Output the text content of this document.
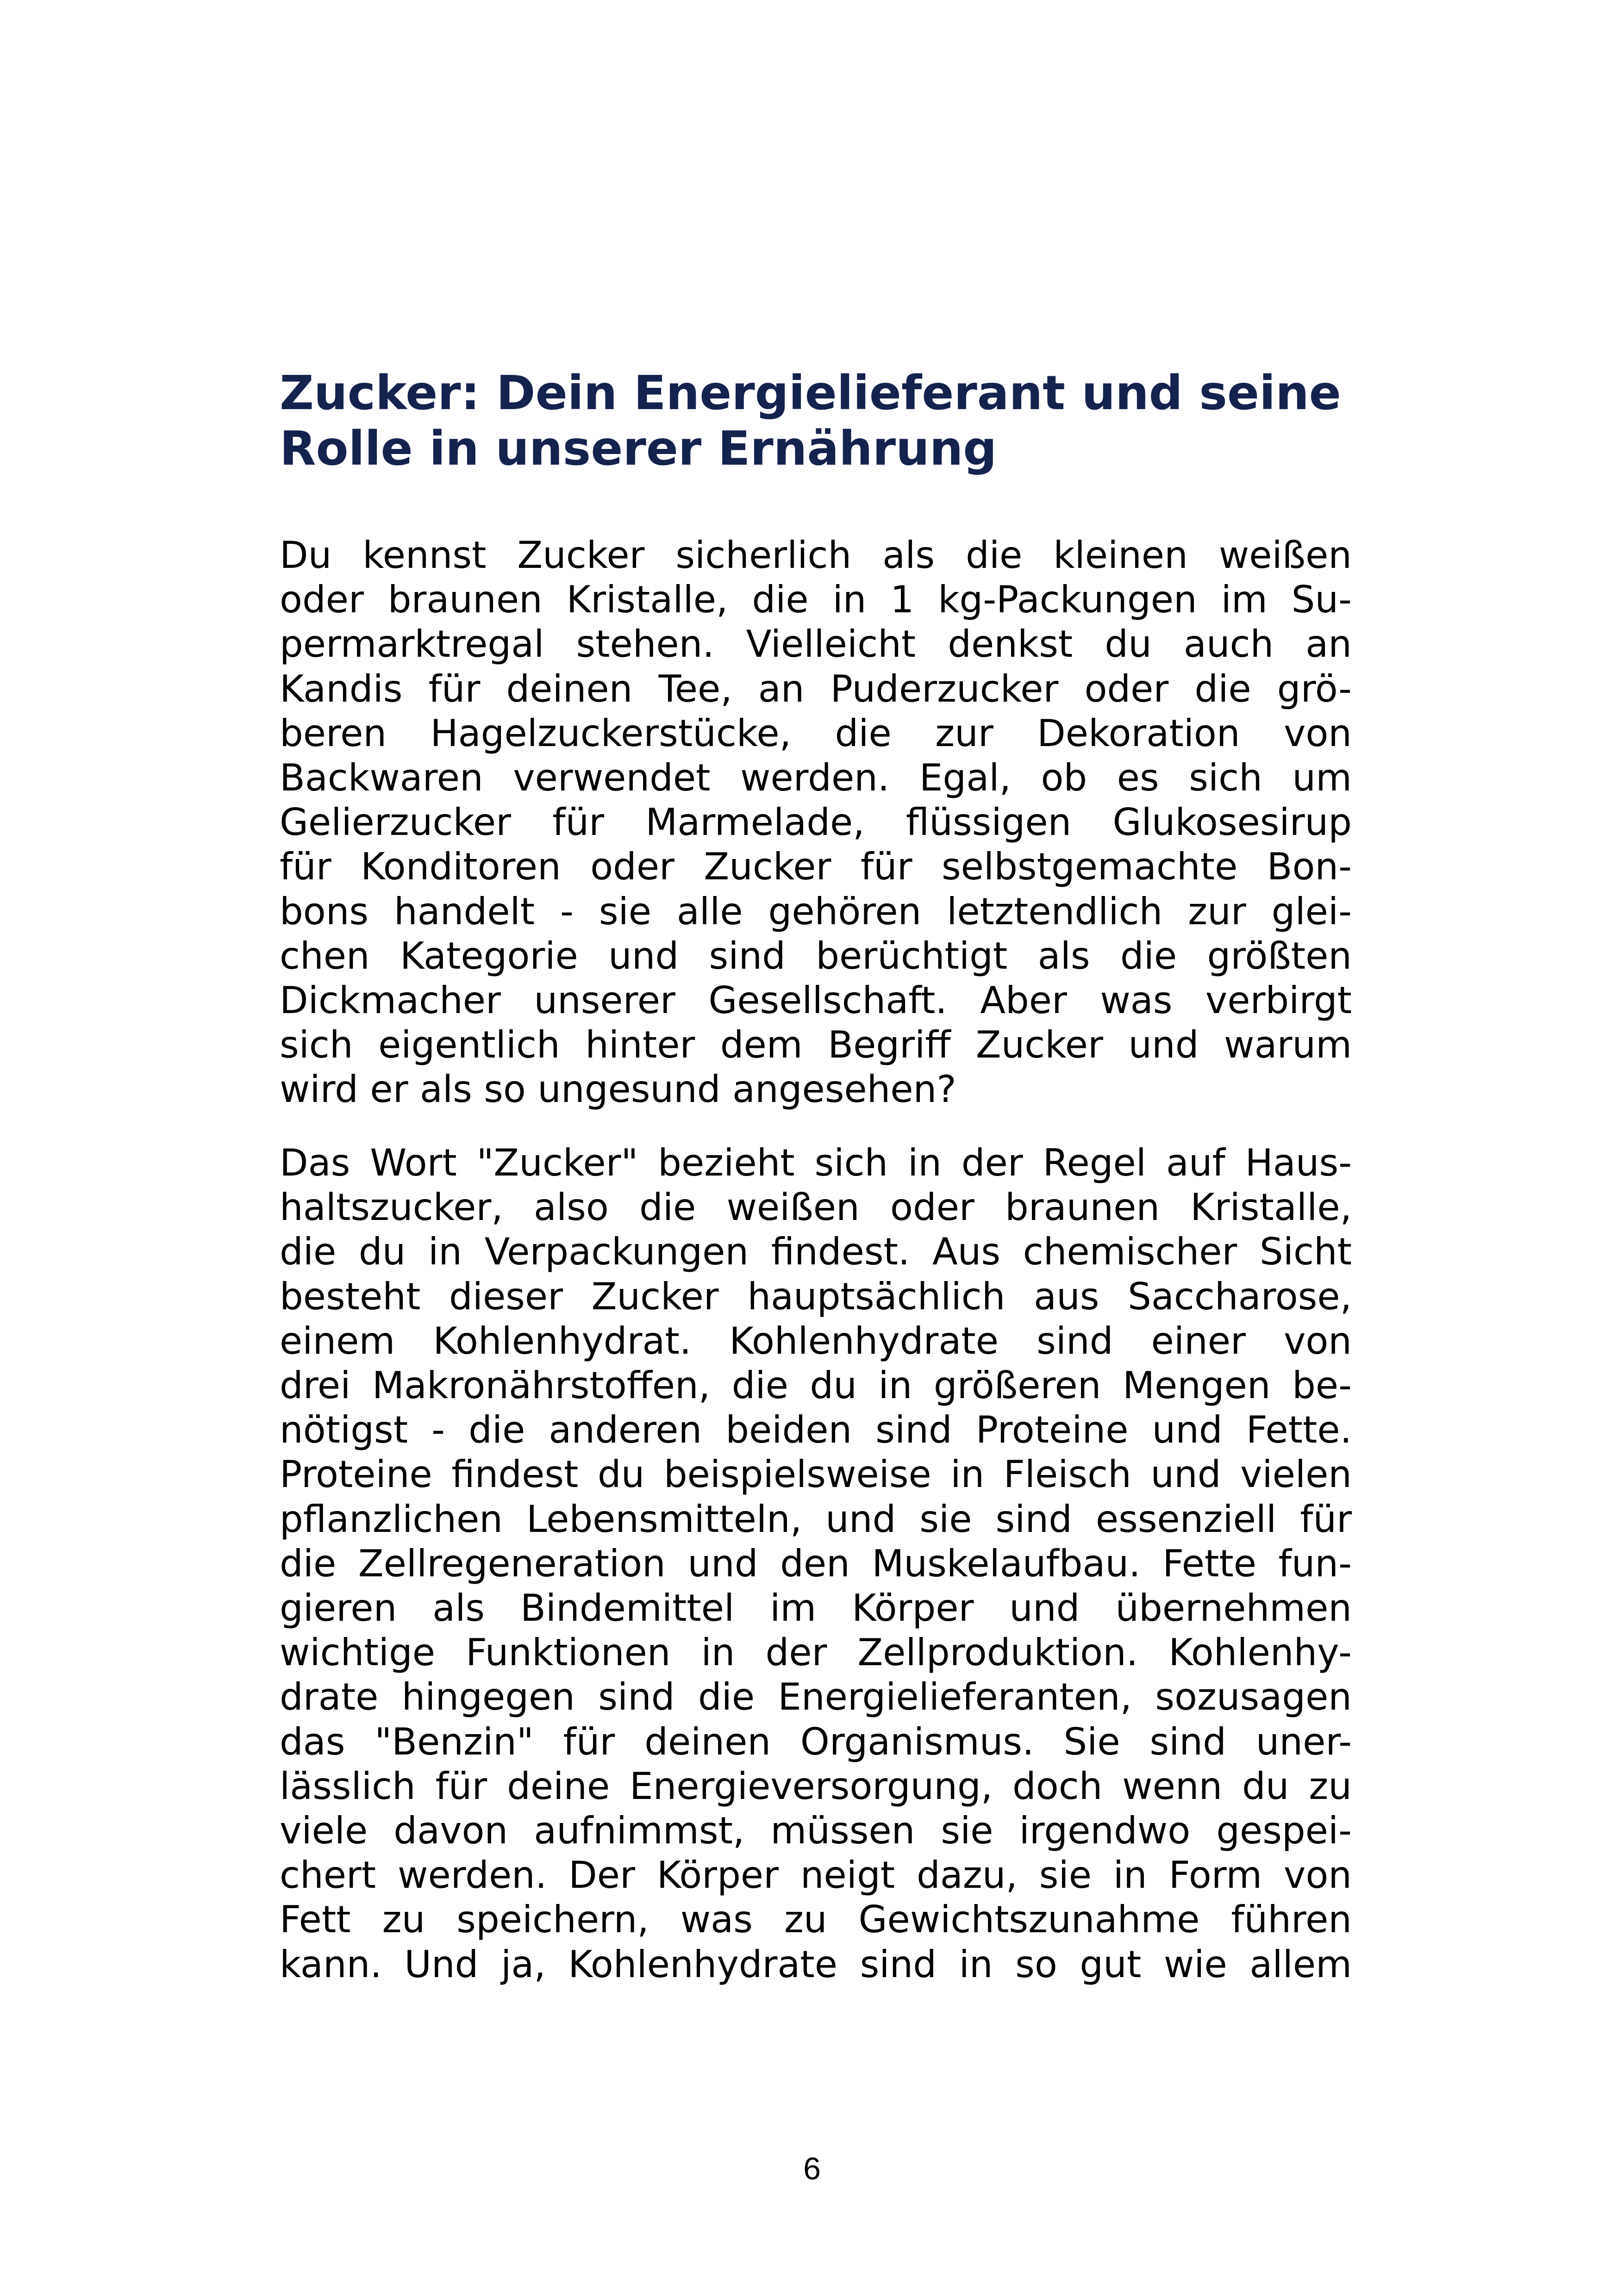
Zucker: Dein Energielieferant und seine
Rolle in unserer Ernährung

Du kennst Zucker sicherlich als die kleinen weißen
oder braunen Kristalle, die in 1 kg-Packungen im Su-
permarktregal stehen. Vielleicht denkst du auch an
Kandis für deinen Tee, an Puderzucker oder die grö-
beren Hagelzuckerstücke, die zur Dekoration von
Backwaren verwendet werden. Egal, ob es sich um
Gelierzucker für Marmelade, flüssigen Glukosesirup
für Konditoren oder Zucker für selbstgemachte Bon-
bons handelt - sie alle gehören letztendlich zur glei-
chen Kategorie und sind berüchtigt als die größten
Dickmacher unserer Gesellschaft. Aber was verbirgt
sich eigentlich hinter dem Begriff Zucker und warum
wird er als so ungesund angesehen?

Das Wort "Zucker" bezieht sich in der Regel auf Haus-
haltszucker, also die weißen oder braunen Kristalle,
die du in Verpackungen findest. Aus chemischer Sicht
besteht dieser Zucker hauptsächlich aus Saccharose,
einem Kohlenhydrat. Kohlenhydrate sind einer von
drei Makronährstoffen, die du in größeren Mengen be-
nötigst - die anderen beiden sind Proteine und Fette.
Proteine findest du beispielsweise in Fleisch und vielen
pflanzlichen Lebensmitteln, und sie sind essenziell für
die Zellregeneration und den Muskelaufbau. Fette fun-
gieren als Bindemittel im Körper und übernehmen
wichtige Funktionen in der Zellproduktion. Kohlenhy-
drate hingegen sind die Energielieferanten, sozusagen
das "Benzin" für deinen Organismus. Sie sind uner-
lässlich für deine Energieversorgung, doch wenn du zu
viele davon aufnimmst, müssen sie irgendwo gespei-
chert werden. Der Körper neigt dazu, sie in Form von
Fett zu speichern, was zu Gewichtszunahme führen
kann. Und ja, Kohlenhydrate sind in so gut wie allem

6
